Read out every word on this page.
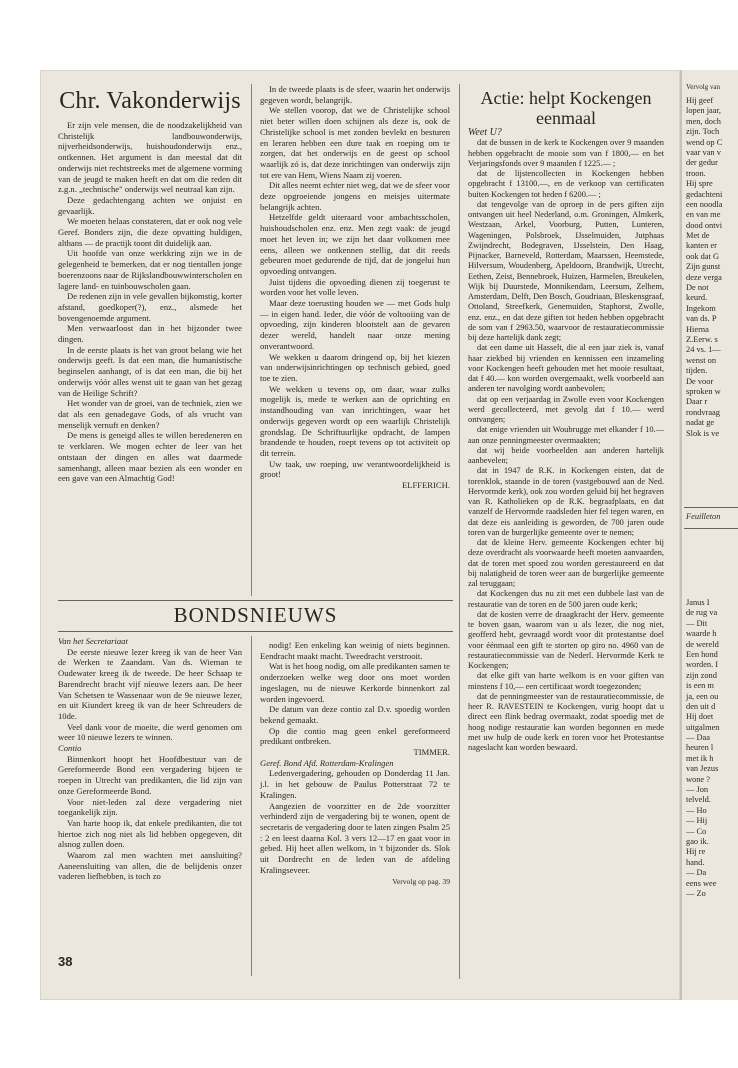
Chr. Vakonderwijs

Er zijn vele mensen, die de noodzakelijkheid van Christelijk landbouwonderwijs, nijverheidsonderwijs, huishoudonderwijs enz., ontkennen. Het argument is dan meestal dat dit onderwijs niet rechtstreeks met de algemene vorming van de jeugd te maken heeft en dat om die reden dit z.g.n. „technische" onderwijs wel neutraal kan zijn.

Deze gedachtengang achten we onjuist en gevaarlijk.

We moeten helaas constateren, dat er ook nog vele Geref. Bonders zijn, die deze opvatting huldigen, althans — de practijk toont dit duidelijk aan.

Uit hoofde van onze werkkring zijn we in de gelegenheid te bemerken, dat er nog tientallen jonge boerenzoons naar de Rijkslandbouwwinterscholen en lagere land- en tuinbouwscholen gaan.

De redenen zijn in vele gevallen bijkomstig, korter afstand, goedkoper(?), enz., alsmede het bovengenoemde argument.

Men verwaarloost dan in het bijzonder twee dingen.

In de eerste plaats is het van groot belang wie het onderwijs geeft. Is dat een man, die humanistische beginselen aanhangt, of is dat een man, die bij het onderwijs vóór alles wenst uit te gaan van het gezag van de Heilige Schrift?

Het wonder van de groei, van de techniek, zien we dat als een genadegave Gods, of als vrucht van menselijk vernuft en denken?

De mens is geneigd alles te willen beredeneren en te verklaren. We mogen echter de leer van het ontstaan der dingen en alles wat daarmede samenhangt, alleen maar bezien als een wonder en een gave van een Almachtig God!

In de tweede plaats is de sfeer, waarin het onderwijs gegeven wordt, belangrijk.

We stellen voorop, dat we de Christelijke school niet beter willen doen schijnen als deze is, ook de Christelijke school is met zonden bevlekt en besturen en leraren hebben een dure taak en roeping om te zorgen, dat het onderwijs en de geest op school waarlijk zó is, dat deze inrichtingen van onderwijs zijn tot ere van Hem, Wiens Naam zij voeren.

Dit alles neemt echter niet weg, dat we de sfeer voor deze opgroeiende jongens en meisjes uitermate belangrijk achten.

Hetzelfde geldt uiteraard voor ambachtsscholen, huishoudscholen enz. enz. Men zegt vaak: de jeugd moet het leven in; we zijn het daar volkomen mee eens, alleen we ontkennen stellig, dat dit reeds gebeuren moet gedurende de tijd, dat de jongelui hun opvoeding ontvangen.

Juist tijdens die opvoeding dienen zij toegerust te worden voor het volle leven.

Maar deze toerusting houden we — met Gods hulp — in eigen hand. Ieder, die vóór de voltooiing van de opvoeding, zijn kinderen blootstelt aan de gevaren dezer wereld, handelt naar onze mening onverantwoord.

We wekken u daarom dringend op, bij het kiezen van onderwijsinrichtingen op technisch gebied, goed toe te zien.

We wekken u tevens op, om daar, waar zulks mogelijk is, mede te werken aan de oprichting en instandhouding van van inrichtingen, waar het onderwijs gegeven wordt op een waarlijk Christelijk grondslag. De Schriftuurlijke opdracht, de lampen brandende te houden, roept tevens op tot activiteit op dit terrein.

Uw taak, uw roeping, uw verantwoordelijkheid is groot!

ELFFERICH.

Actie: helpt Kockengen eenmaal

Weet U?

dat de bussen in de kerk te Kockengen over 9 maanden hebben opgebracht de mooie som van f 1800,— en het Verjaringsfonds over 9 maanden f 1225.— ;

dat de lijstencollecten in Kockengen hebben opgebracht f 13100.—, en de verkoop van certificaten buiten Kockengen tot heden f 6200.— ;

dat tengevolge van de oproep in de pers giften zijn ontvangen uit heel Nederland, o.m. Groningen, Almkerk, Westzaan, Arkel, Voorburg, Putten, Lunteren, Wageningen, Polsbroek, IJsselmuiden, Jutphaas Zwijndrecht, Bodegraven, IJsselstein, Den Haag, Pijnacker, Barneveld, Rotterdam, Maarssen, Heemstede, Hilversum, Woudenberg, Apeldoorn, Brandwijk, Utrecht, Eethen, Zeist, Bennebroek, Huizen, Harmelen, Breukelen, Wijk bij Duurstede, Monnikendam, Leersum, Zelhem, Amsterdam, Delft, Den Bosch, Goudriaan, Bleskensgraaf, Ottoland, Streefkerk, Genemuiden, Staphorst, Zwolle, enz. enz., en dat deze giften tot heden hebben opgebracht de som van f 2963.50, waarvoor de restauratiecommissie bij deze hartelijk dank zegt;

dat een dame uit Hasselt, die al een jaar ziek is, vanaf haar ziekbed bij vrienden en kennissen een inzameling voor Kockengen heeft gehouden met het mooie resultaat, dat f 40.— kon worden overgemaakt, welk voorbeeld aan anderen ter navolging wordt aanbevolen;

dat op een verjaardag in Zwolle even voor Kockengen werd gecollecteerd, met gevolg dat f 10.— werd ontvangen;

dat enige vrienden uit Woubrugge met elkander f 10.— aan onze penningmeester overmaakten;

dat wij beide voorbeelden aan anderen hartelijk aanbevelen;

dat in 1947 de R.K. in Kockengen eisten, dat de torenklok, staande in de toren (vastgebouwd aan de Ned. Hervormde kerk), ook zou worden geluid bij het begraven van R. Katholieken op de R.K. begraafplaats, en dat vanzelf de Hervormde raadsleden hier fel tegen waren, en dat deze eis aanleiding is geworden, de 700 jaren oude toren van de burgerlijke gemeente over te nemen;

dat de kleine Herv. gemeente Kockengen echter bij deze overdracht als voorwaarde heeft moeten aanvaarden, dat de toren met spoed zou worden gerestaureerd en dat bij nalatigheid de toren weer aan de burgerlijke gemeente zal teruggaan;

dat Kockengen dus nu zit met een dubbele last van de restauratie van de toren en de 500 jaren oude kerk;

dat de kosten verre de draagkracht der Herv. gemeente te boven gaan, waarom van u als lezer, die nog niet, geofferd hebt, gevraagd wordt voor dit protestantse doel voor éénmaal een gift te storten op giro no. 4960 van de restauratiecommissie van de Nederl. Hervormde Kerk te Kockengen;

dat elke gift van harte welkom is en voor giften van minstens f 10,— een certificaat wordt toegezonden;

dat de penningmeester van de restauratiecommissie, de heer R. RAVESTEIN te Kockengen, vurig hoopt dat u direct een flink bedrag overmaakt, zodat spoedig met de hoog nodige restauratie kan worden begonnen en mede met uw hulp de oude kerk en toren voor het Protestantse nageslacht kan worden bewaard.

BONDSNIEUWS

Van het Secretariaat

De eerste nieuwe lezer kreeg ik van de heer Van de Werken te Zaandam. Van ds. Wieman te Oudewater kreeg ik de tweede. De heer Schaap te Barendrecht bracht vijf nieuwe lezers aan. De heer Van Schetsen te Wassenaar won de 9e nieuwe lezer, en uit Kiundert kreeg ik van de heer Schreuders de 10de.

Veel dank voor de moeite, die werd genomen om weer 10 nieuwe lezers te winnen.

Contio

Binnenkort hoopt het Hoofdbestuur van de Gereformeerde Bond een vergadering bijeen te roepen in Utrecht van predikanten, die lid zijn van onze Gereformeerde Bond.

Voor niet-leden zal deze vergadering niet toegankelijk zijn.

Van harte hoop ik, dat enkele predikanten, die tot hiertoe zich nog niet als lid hebben opgegeven, dit alsnog zullen doen.

Waarom zal men wachten met aansluiting? Aaneensluiting van allen, die de belijdenis onzer vaderen liefhebben, is toch zo

nodig! Een enkeling kan weinig of niets beginnen. Eendracht maakt macht. Tweedracht verstrooit.

Wat is het hoog nodig, om alle predikanten samen te onderzoeken welke weg door ons moet worden ingeslagen, nu de nieuwe Kerkorde binnenkort zal worden ingevoerd.

De datum van deze contio zal D.v. spoedig worden bekend gemaakt.

Op die contio mag geen enkel gereformeerd predikant ontbreken.

TIMMER.

Geref. Bond Afd. Rotterdam-Kralingen

Ledenvergadering, gehouden op Donderdag 11 Jan. j.l. in het gebouw de Paulus Potterstraat 72 te Kralingen.

Aangezien de voorzitter en de 2de voorzitter verhinderd zijn de vergadering bij te wonen, opent de secretaris de vergadering door te laten zingen Psalm 25 : 2 en leest daarna Kol. 3 vers 12—17 en gaat voor in gebed. Hij heet allen welkom, in 't bijzonder ds. Slok uit Dordrecht en de leden van de afdeling Kralingseveer.

Vervolg op pag. 39

38
Vervolg van
Hij geef
lopen jaar,
men, doch
zijn. Toch
wend op C
vaar van v
der gedur
troon.
Hij spre
gedachteni
een noodla
en van me
dood ontvi
Met de
kanten er
ook dat G
Zijn gunst
deze verga
De not
keurd.
Ingekom
van ds. P
Hierna
Z.Eerw. s
24 vs. 1—
wenst on
tijden.
De voor
sproken w
Daar r
rondvraag
nadat ge
Slok is ve
Feuilleton
Janus I
de rug va
— Dit
waarde h
de wereld
Een hond
worden. I
zijn zond
is een m
ja, een ou
den uit d
Hij doet
uitgalmen
— Daa
heuren l
met ik h
van Jezus
wone ?
— Jon
telveld.
— Ho
— Hij
— Co
gao ik.
Hij re
hand.
— Da
eens wee
— Zo
